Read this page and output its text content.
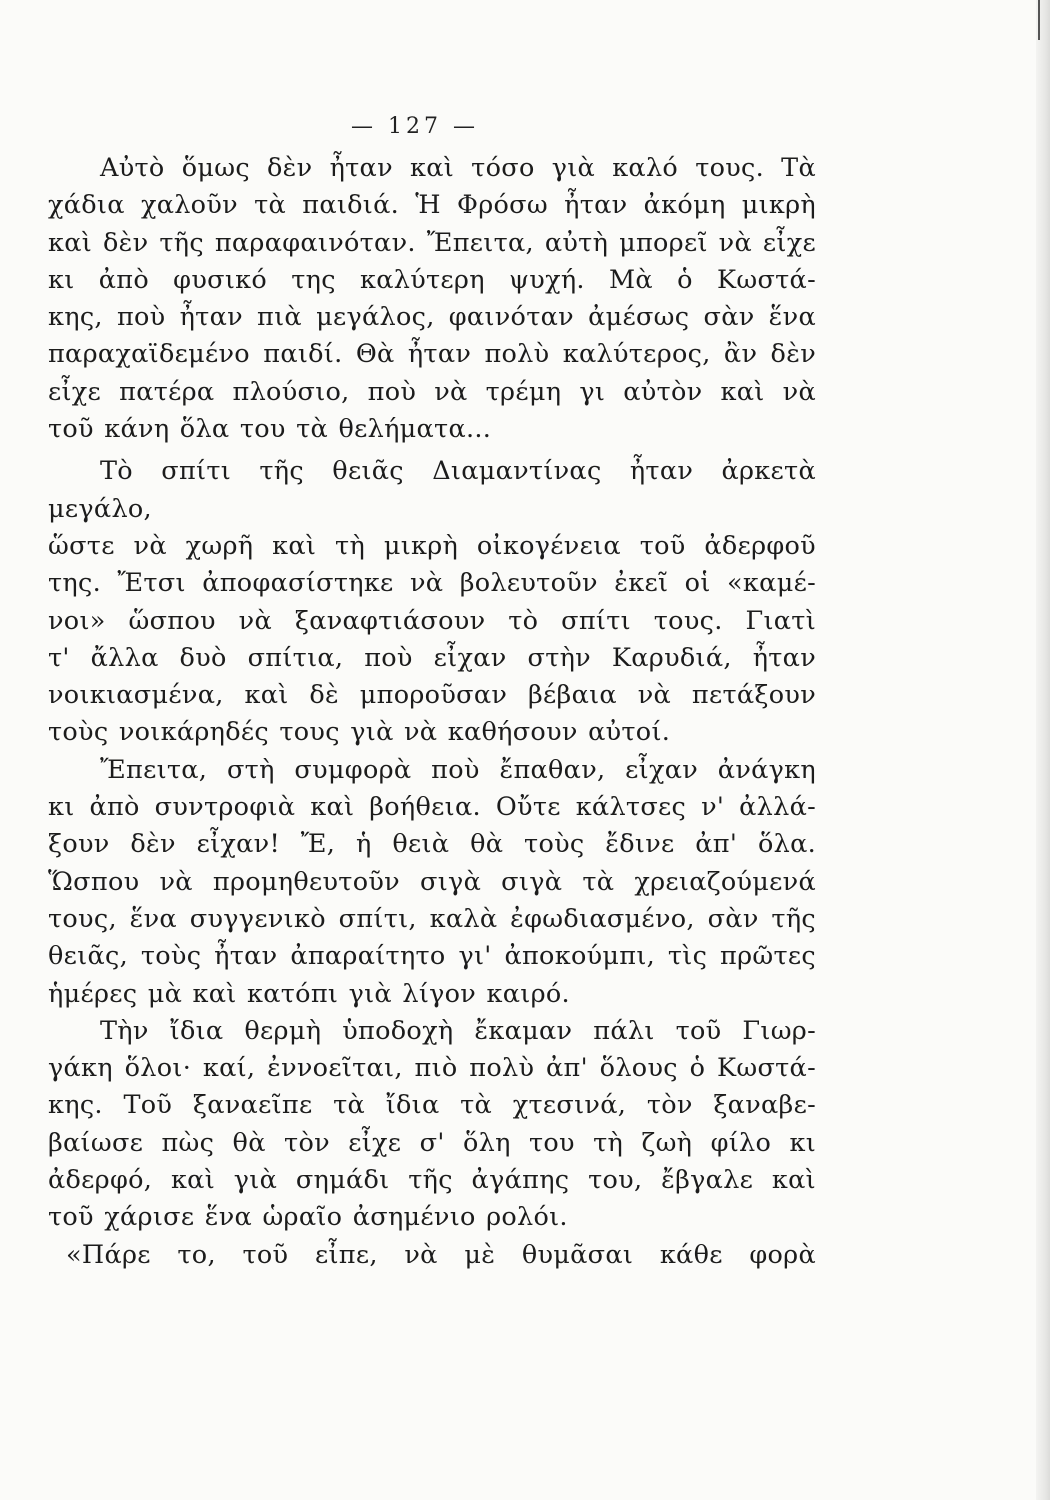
— 127 —

Αὐτὸ ὅμως δὲν ἦταν καὶ τόσο γιὰ καλό τους. Τὰ

χάδια χαλοῦν τὰ παιδιά. Ἡ Φρόσω ἦταν ἀκόμη μικρὴ

καὶ δὲν τῆς παραφαινόταν. Ἔπειτα, αὐτὴ μπορεῖ νὰ εἶχε

κι ἀπὸ φυσικό της καλύτερη ψυχή. Μὰ ὁ Κωστά-

κης, ποὺ ἦταν πιὰ μεγάλος, φαινόταν ἀμέσως σὰν ἕνα

παραχαϊδεμένο παιδί. Θὰ ἦταν πολὺ καλύτερος, ἂν δὲν

εἶχε πατέρα πλούσιο, ποὺ νὰ τρέμη γι αὐτὸν καὶ νὰ

τοῦ κάνη ὅλα του τὰ θελήματα...

Τὸ σπίτι τῆς θειᾶς Διαμαντίνας ἦταν ἀρκετὰ μεγάλο,

ὥστε νὰ χωρῆ καὶ τὴ μικρὴ οἰκογένεια τοῦ ἀδερφοῦ

της. Ἔτσι ἀποφασίστηκε νὰ βολευτοῦν ἐκεῖ οἱ «καμέ-

νοι» ὥσπου νὰ ξαναφτιάσουν τὸ σπίτι τους. Γιατὶ

τ' ἄλλα δυὸ σπίτια, ποὺ εἶχαν στὴν Καρυδιά, ἦταν

νοικιασμένα, καὶ δὲ μποροῦσαν βέβαια νὰ πετάξουν

τοὺς νοικάρηδές τους γιὰ νὰ καθήσουν αὐτοί.

Ἔπειτα, στὴ συμφορὰ ποὺ ἔπαθαν, εἶχαν ἀνάγκη

κι ἀπὸ συντροφιὰ καὶ βοήθεια. Οὔτε κάλτσες ν' ἀλλά-

ξουν δὲν εἶχαν! Ἔ, ἡ θειὰ θὰ τοὺς ἔδινε ἀπ' ὅλα.

Ὥσπου νὰ προμηθευτοῦν σιγὰ σιγὰ τὰ χρειαζούμενά

τους, ἕνα συγγενικὸ σπίτι, καλὰ ἐφωδιασμένο, σὰν τῆς

θειᾶς, τοὺς ἦταν ἀπαραίτητο γι' ἀποκούμπι, τὶς πρῶτες

ἡμέρες μὰ καὶ κατόπι γιὰ λίγον καιρό.

Τὴν ἴδια θερμὴ ὑποδοχὴ ἔκαμαν πάλι τοῦ Γιωρ-

γάκη ὅλοι· καί, ἐννοεῖται, πιὸ πολὺ ἀπ' ὅλους ὁ Κωστά-

κης. Τοῦ ξαναεῖπε τὰ ἴδια τὰ χτεσινά, τὸν ξαναβε-

βαίωσε πὼς θὰ τὸν εἶχε σ' ὅλη του τὴ ζωὴ φίλο κι

ἀδερφό, καὶ γιὰ σημάδι τῆς ἀγάπης του, ἔβγαλε καὶ

τοῦ χάρισε ἕνα ὡραῖο ἀσημένιο ρολόι.

«Πάρε το, τοῦ εἶπε, νὰ μὲ θυμᾶσαι κάθε φορὰ
